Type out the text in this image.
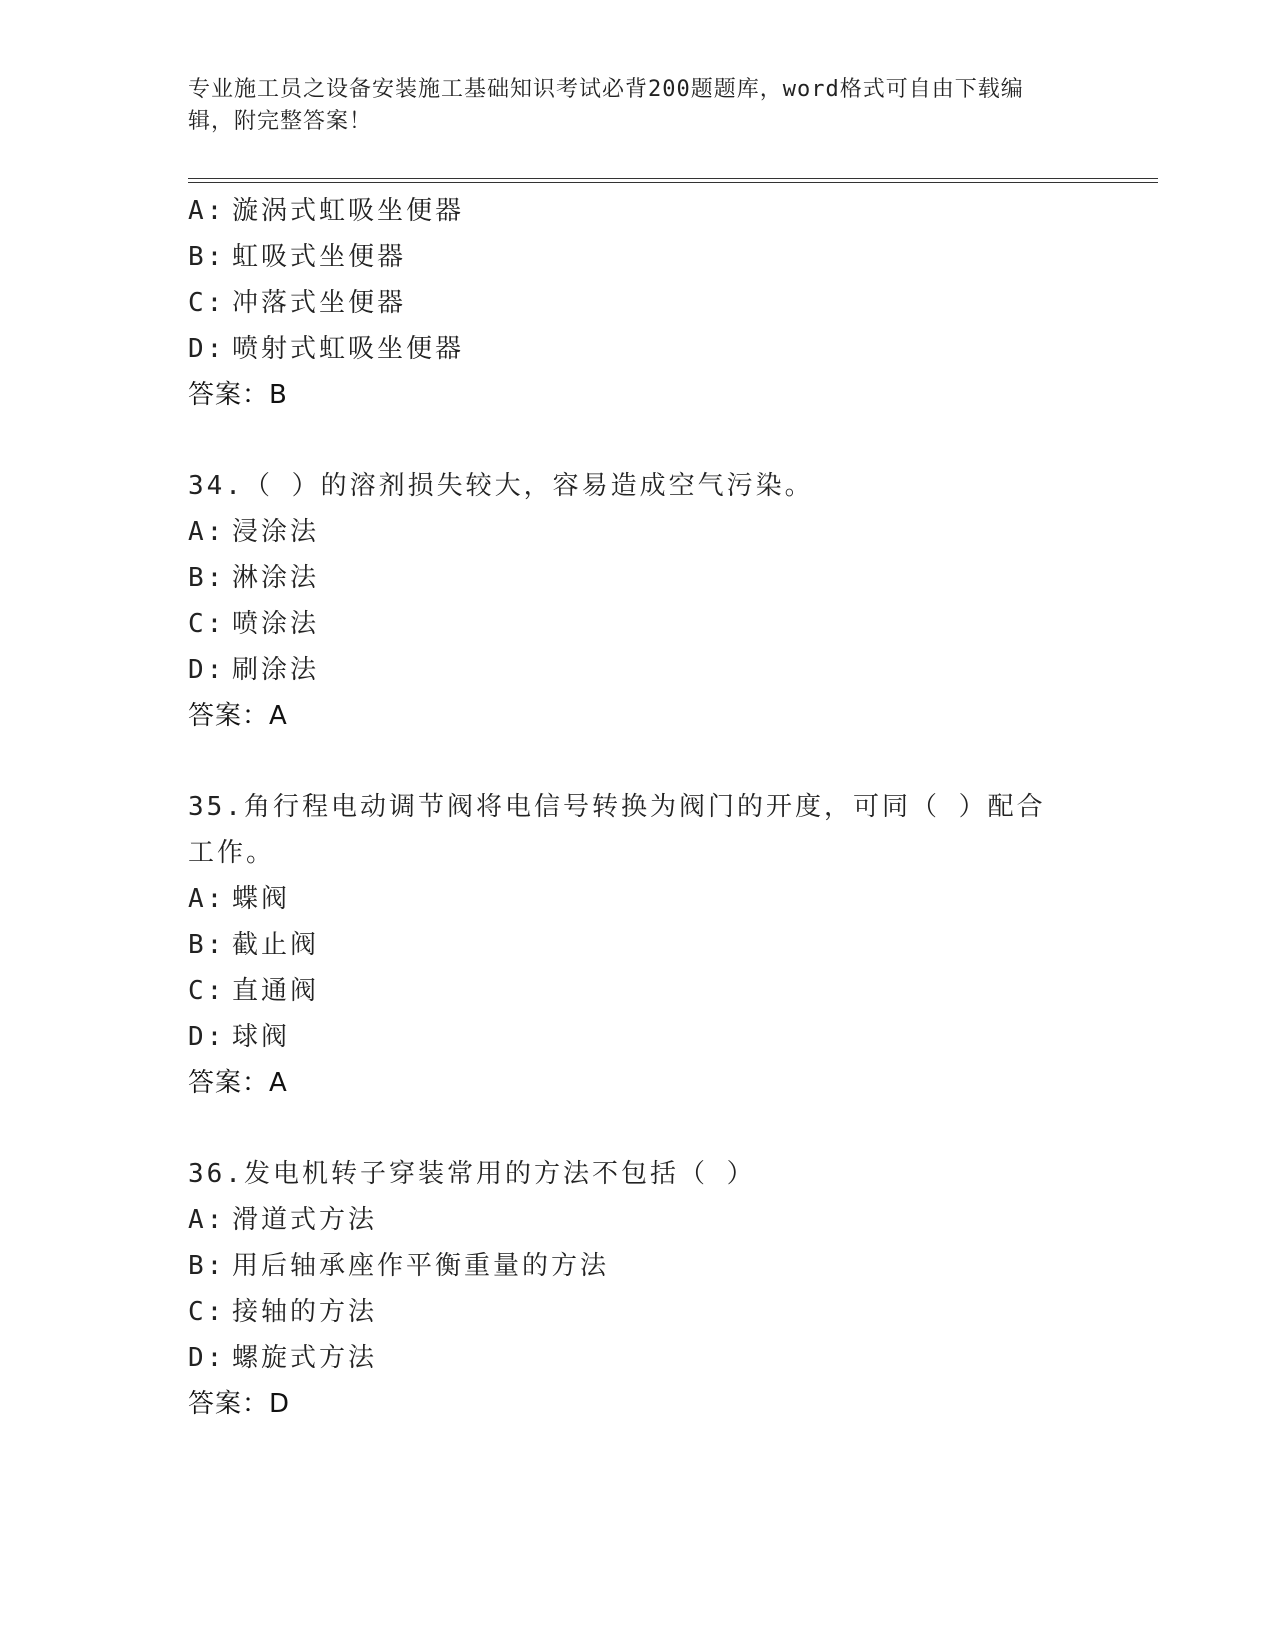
专业施工员之设备安装施工基础知识考试必背200题题库，word格式可自由下载编辑，附完整答案！
A: 漩涡式虹吸坐便器
B: 虹吸式坐便器
C: 冲落式坐便器
D: 喷射式虹吸坐便器
答案：B
34.（ ）的溶剂损失较大，容易造成空气污染。
A: 浸涂法
B: 淋涂法
C: 喷涂法
D: 刷涂法
答案：A
35.角行程电动调节阀将电信号转换为阀门的开度，可同（ ）配合工作。
A: 蝶阀
B: 截止阀
C: 直通阀
D: 球阀
答案：A
36.发电机转子穿装常用的方法不包括（ ）
A: 滑道式方法
B: 用后轴承座作平衡重量的方法
C: 接轴的方法
D: 螺旋式方法
答案：D
